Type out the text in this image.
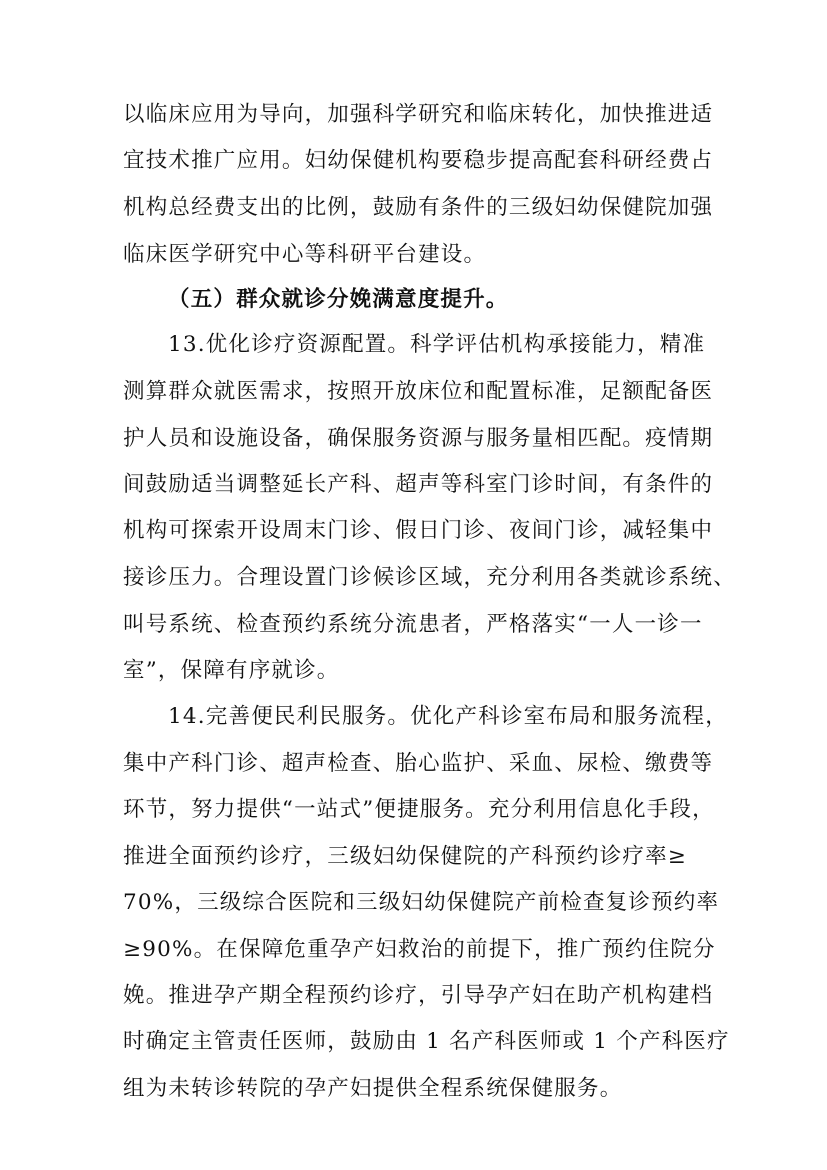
以临床应用为导向，加强科学研究和临床转化，加快推进适
宜技术推广应用。妇幼保健机构要稳步提高配套科研经费占
机构总经费支出的比例，鼓励有条件的三级妇幼保健院加强
临床医学研究中心等科研平台建设。
（五）群众就诊分娩满意度提升。
13.优化诊疗资源配置。科学评估机构承接能力，精准
测算群众就医需求，按照开放床位和配置标准，足额配备医
护人员和设施设备，确保服务资源与服务量相匹配。疫情期
间鼓励适当调整延长产科、超声等科室门诊时间，有条件的
机构可探索开设周末门诊、假日门诊、夜间门诊，减轻集中
接诊压力。合理设置门诊候诊区域，充分利用各类就诊系统、
叫号系统、检查预约系统分流患者，严格落实“一人一诊一
室”，保障有序就诊。
14.完善便民利民服务。优化产科诊室布局和服务流程，
集中产科门诊、超声检查、胎心监护、采血、尿检、缴费等
环节，努力提供“一站式”便捷服务。充分利用信息化手段，
推进全面预约诊疗，三级妇幼保健院的产科预约诊疗率≥
70%，三级综合医院和三级妇幼保健院产前检查复诊预约率
≥90%。在保障危重孕产妇救治的前提下，推广预约住院分
娩。推进孕产期全程预约诊疗，引导孕产妇在助产机构建档
时确定主管责任医师，鼓励由 1 名产科医师或 1 个产科医疗
组为未转诊转院的孕产妇提供全程系统保健服务。
